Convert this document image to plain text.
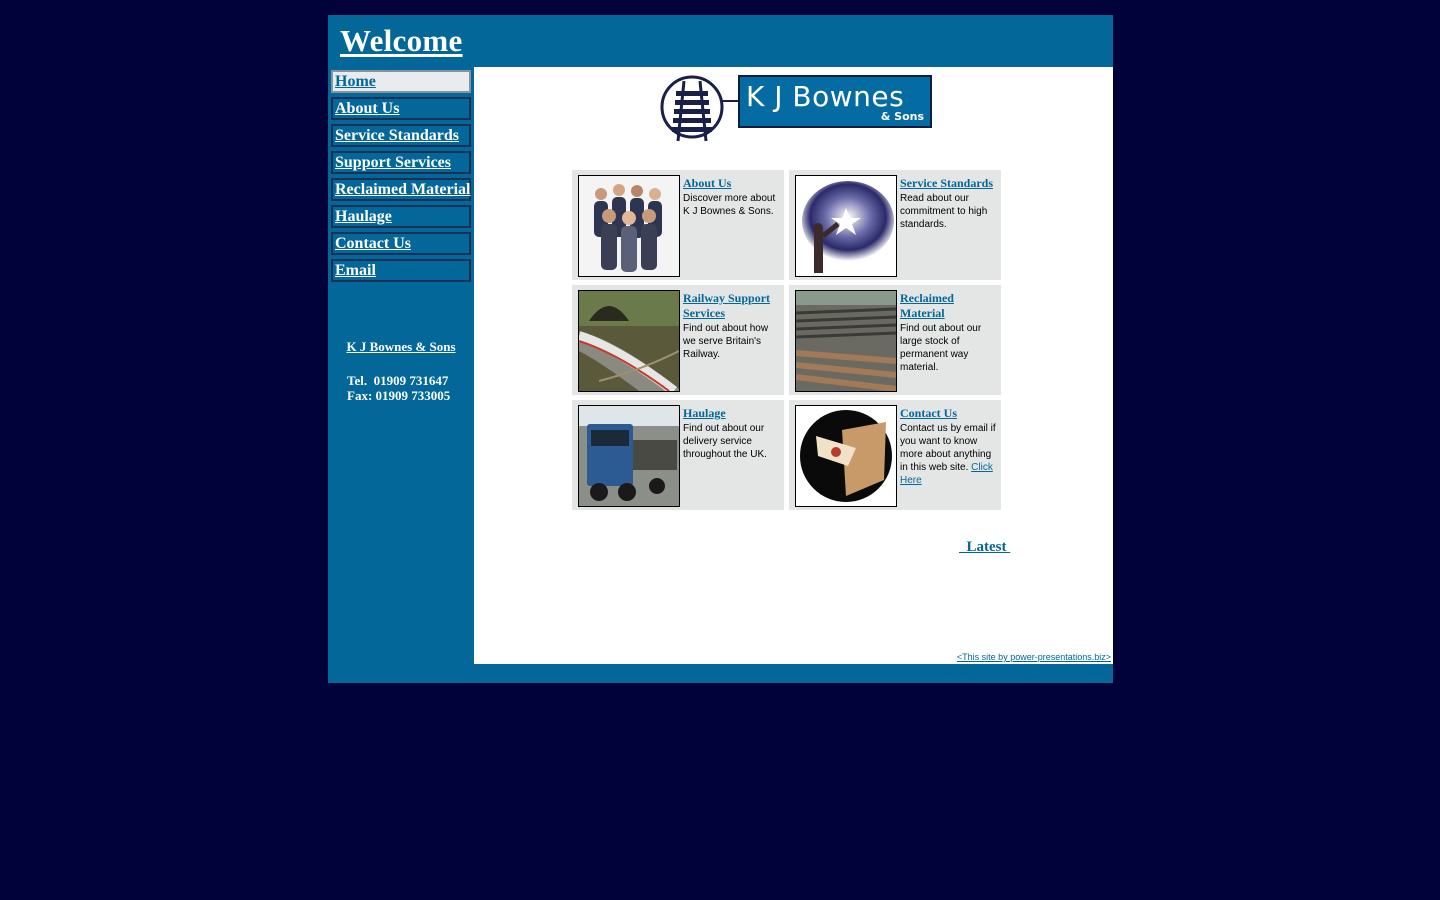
Welcome
Home
About Us
Service Standards
Support Services
Reclaimed Material
Haulage
Contact Us
Email
K J Bownes & Sons
Tel.  01909 731647
Fax: 01909 733005
K J Bownes
& Sons
About Us
Discover more about K J Bownes & Sons.
Service Standards
Read about our commitment to high standards.
Railway Support Services
Find out about how we serve Britain's Railway.
Reclaimed Material
Find out about our large stock of permanent way material.
Haulage
Find out about our delivery service throughout the UK.
Contact Us
Contact us by email if you want to know more about anything in this web site. Click Here
Latest
<This site by power-presentations.biz>
